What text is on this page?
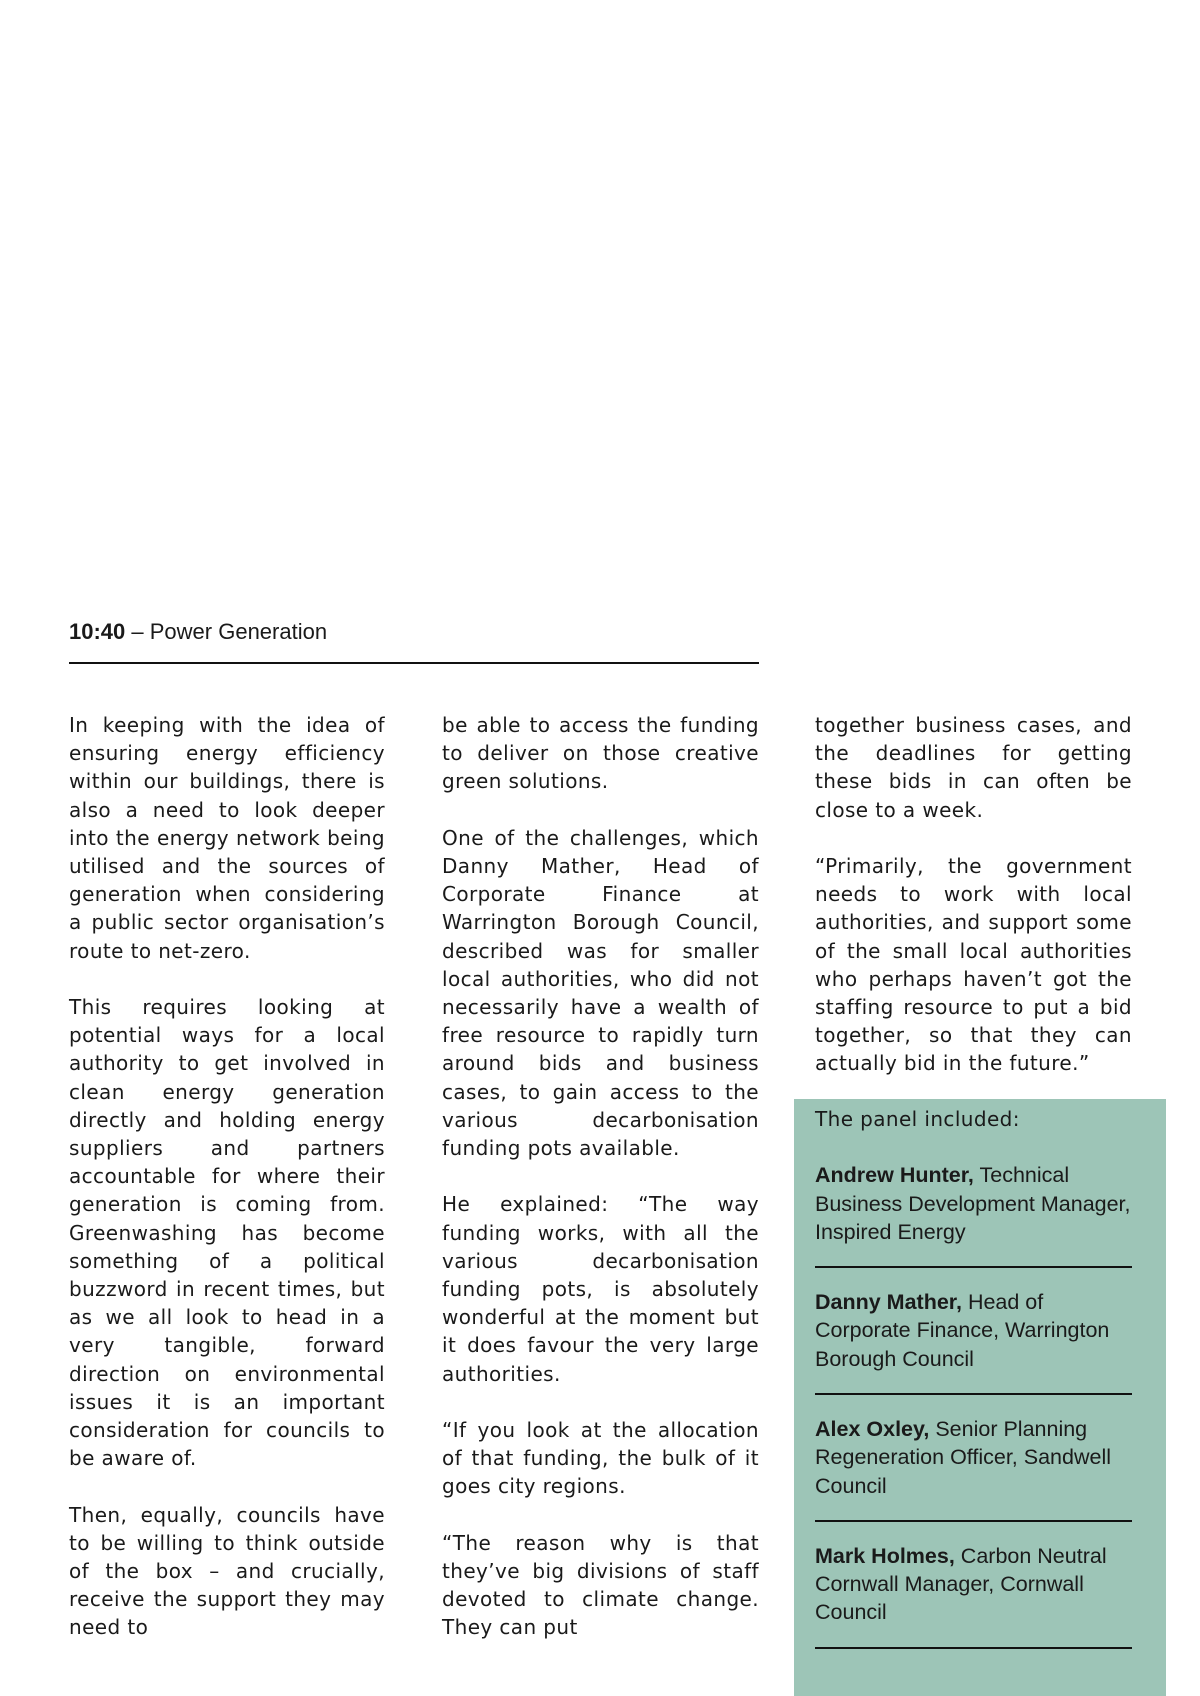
10:40 – Power Generation

In keeping with the idea of ensuring energy efficiency within our buildings, there is also a need to look deeper into the energy network being utilised and the sources of generation when considering a public sector organisation’s route to net-zero.

This requires looking at potential ways for a local authority to get involved in clean energy generation directly and holding energy suppliers and partners accountable for where their generation is coming from. Greenwashing has become something of a political buzzword in recent times, but as we all look to head in a very tangible, forward direction on environmental issues it is an important consideration for councils to be aware of.

Then, equally, councils have to be willing to think outside of the box – and crucially, receive the support they may need to

be able to access the funding to deliver on those creative green solutions.

One of the challenges, which Danny Mather, Head of Corporate Finance at Warrington Borough Council, described was for smaller local authorities, who did not necessarily have a wealth of free resource to rapidly turn around bids and business cases, to gain access to the various decarbonisation funding pots available.

He explained: “The way funding works, with all the various decarbonisation funding pots, is absolutely wonderful at the moment but it does favour the very large authorities.

“If you look at the allocation of that funding, the bulk of it goes city regions.

“The reason why is that they’ve big divisions of staff devoted to climate change. They can put

together business cases, and the deadlines for getting these bids in can often be close to a week.

“Primarily, the government needs to work with local authorities, and support some of the small local authorities who perhaps haven’t got the staffing resource to put a bid together, so that they can actually bid in the future.”

The panel included:
Andrew Hunter, Technical Business Development Manager, Inspired Energy
Danny Mather, Head of Corporate Finance, Warrington Borough Council
Alex Oxley, Senior Planning Regeneration Officer, Sandwell Council
Mark Holmes, Carbon Neutral Cornwall Manager, Cornwall Council
